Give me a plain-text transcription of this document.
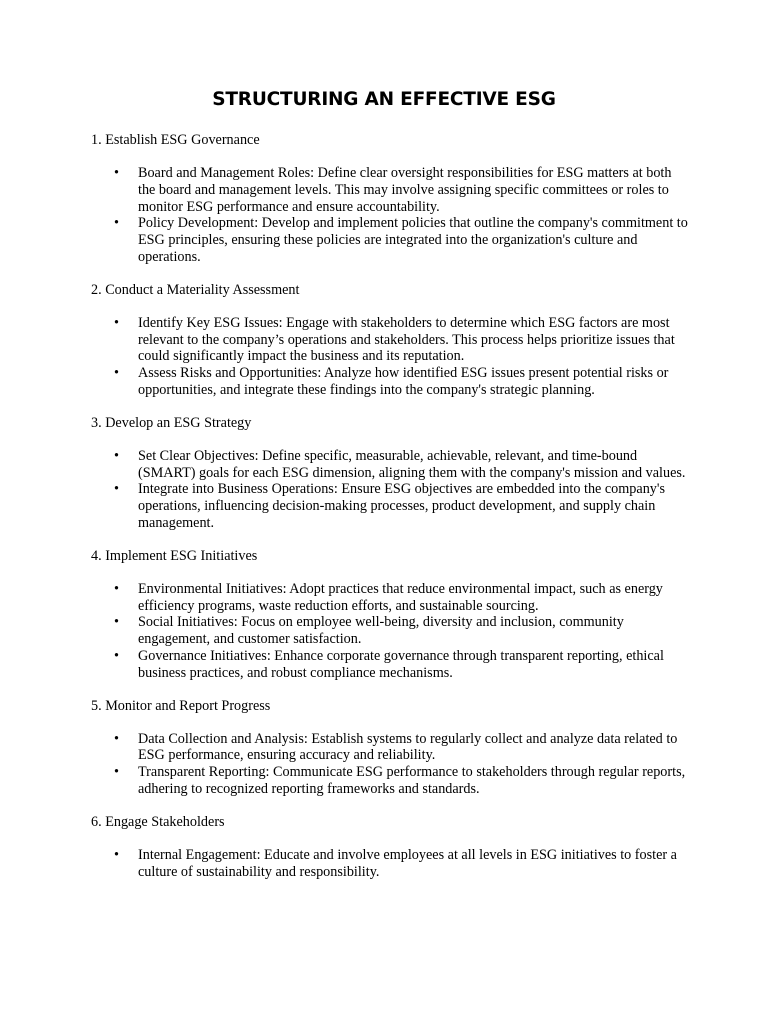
STRUCTURING AN EFFECTIVE ESG

1. Establish ESG Governance

•	Board and Management Roles: Define clear oversight responsibilities for ESG matters at both the board and management levels. This may involve assigning specific committees or roles to monitor ESG performance and ensure accountability.
•	Policy Development: Develop and implement policies that outline the company's commitment to ESG principles, ensuring these policies are integrated into the organization's culture and operations.

2. Conduct a Materiality Assessment

•	Identify Key ESG Issues: Engage with stakeholders to determine which ESG factors are most relevant to the company’s operations and stakeholders. This process helps prioritize issues that could significantly impact the business and its reputation.
•	Assess Risks and Opportunities: Analyze how identified ESG issues present potential risks or opportunities, and integrate these findings into the company's strategic planning.

3. Develop an ESG Strategy

•	Set Clear Objectives: Define specific, measurable, achievable, relevant, and time-bound (SMART) goals for each ESG dimension, aligning them with the company's mission and values.
•	Integrate into Business Operations: Ensure ESG objectives are embedded into the company's operations, influencing decision-making processes, product development, and supply chain management.

4. Implement ESG Initiatives

•	Environmental Initiatives: Adopt practices that reduce environmental impact, such as energy efficiency programs, waste reduction efforts, and sustainable sourcing.
•	Social Initiatives: Focus on employee well-being, diversity and inclusion, community engagement, and customer satisfaction.
•	Governance Initiatives: Enhance corporate governance through transparent reporting, ethical business practices, and robust compliance mechanisms.

5. Monitor and Report Progress

•	Data Collection and Analysis: Establish systems to regularly collect and analyze data related to ESG performance, ensuring accuracy and reliability.
•	Transparent Reporting: Communicate ESG performance to stakeholders through regular reports, adhering to recognized reporting frameworks and standards.

6. Engage Stakeholders

•	Internal Engagement: Educate and involve employees at all levels in ESG initiatives to foster a culture of sustainability and responsibility.
